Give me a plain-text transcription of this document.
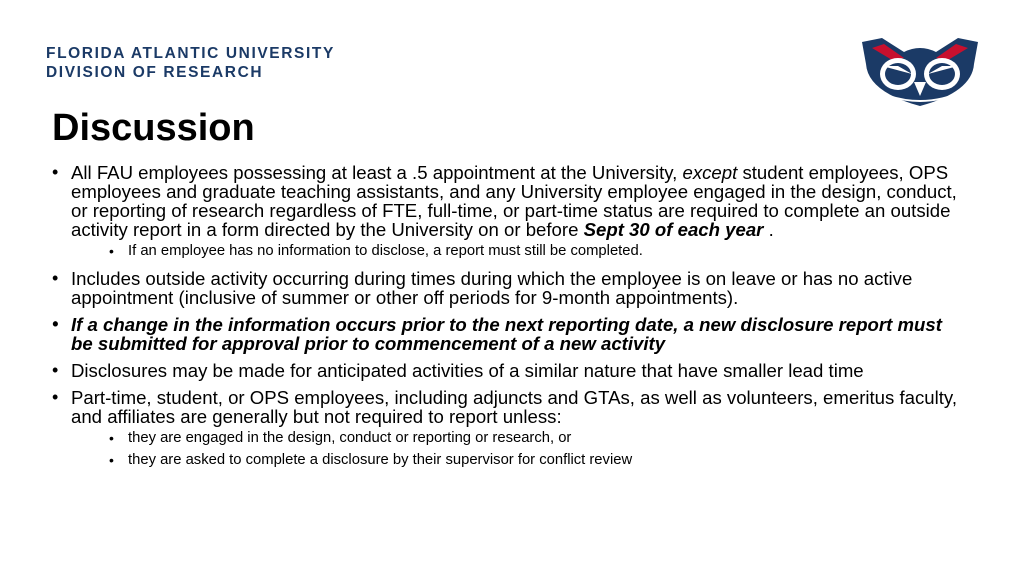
FLORIDA ATLANTIC UNIVERSITY
DIVISION OF RESEARCH
Discussion
• All FAU employees possessing at least a .5 appointment at the University, except student employees, OPS employees and graduate teaching assistants, and any University employee engaged in the design, conduct, or reporting of research regardless of FTE, full-time, or part-time status are required to complete an outside activity report in a form directed by the University on or before Sept 30 of each year .
• If an employee has no information to disclose, a report must still be completed.
• Includes outside activity occurring during times during which the employee is on leave or has no active appointment (inclusive of summer or other off periods for 9-month appointments).
• If a change in the information occurs prior to the next reporting date, a new disclosure report must be submitted for approval prior to commencement of a new activity
• Disclosures may be made for anticipated activities of a similar nature that have smaller lead time
• Part-time, student, or OPS employees, including adjuncts and GTAs, as well as volunteers, emeritus faculty, and affiliates are generally but not required to report unless:
• they are engaged in the design, conduct or reporting or research, or
• they are asked to complete a disclosure by their supervisor for conflict review
